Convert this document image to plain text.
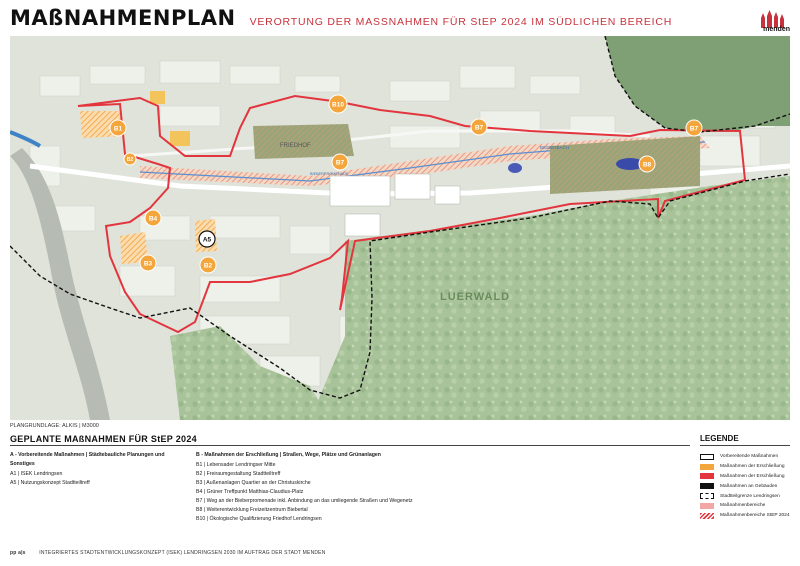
MAßNAHMENPLAN VERORTUNG DER MASSNAHMEN FÜR StEP 2024 IM SÜDLICHEN BEREICH
menden
FRIEDHOF	BIEBERBACH
BIEBERPROMENADE
LUERWALD
B1
B10
B2	B7
B7	B7
B8
B4
B3	B2
A5
PLANGRUNDLAGE: ALKIS | M3000
GEPLANTE MAßNAHMEN FÜR StEP 2024
A - Vorbereitende Maßnahmen | Städtebauliche Planungen und Sonstiges
A1 | ISEK Lendringsen
A5 | Nutzungskonzept Stadtteiltreff
B - Maßnahmen der Erschließung | Straßen, Wege, Plätze und Grünanlagen
B1 | Lebensader Lendringser Mitte
B2 | Freiraumgestaltung Stadtteiltreff
B3 | Außenanlagen Quartier an der Christuskirche
B4 | Grüner Treffpunkt Matthias-Claudius-Platz
B7 | Weg an der Bieberpromenade inkl. Anbindung an das umliegende Straßen und Wegenetz
B8 | Weiterentwicklung Freizeitzentrum Biebertal
B10 | Ökologische Qualifizierung Friedhof Lendringsen
LEGENDE
Vorbereitende Maßnahmen
Maßnahmen der Erschließung
Maßnahmen der Erschließung
Maßnahmen an Gebäuden
Stadtteilgrenze Lendringsen
Maßnahmenbereiche
Maßnahmenbereiche StEP 2024
pp a|s	INTEGRIERTES STADTENTWICKLUNGSKONZEPT (ISEK) LENDRINGSEN 2030 IM AUFTRAG DER STADT MENDEN
